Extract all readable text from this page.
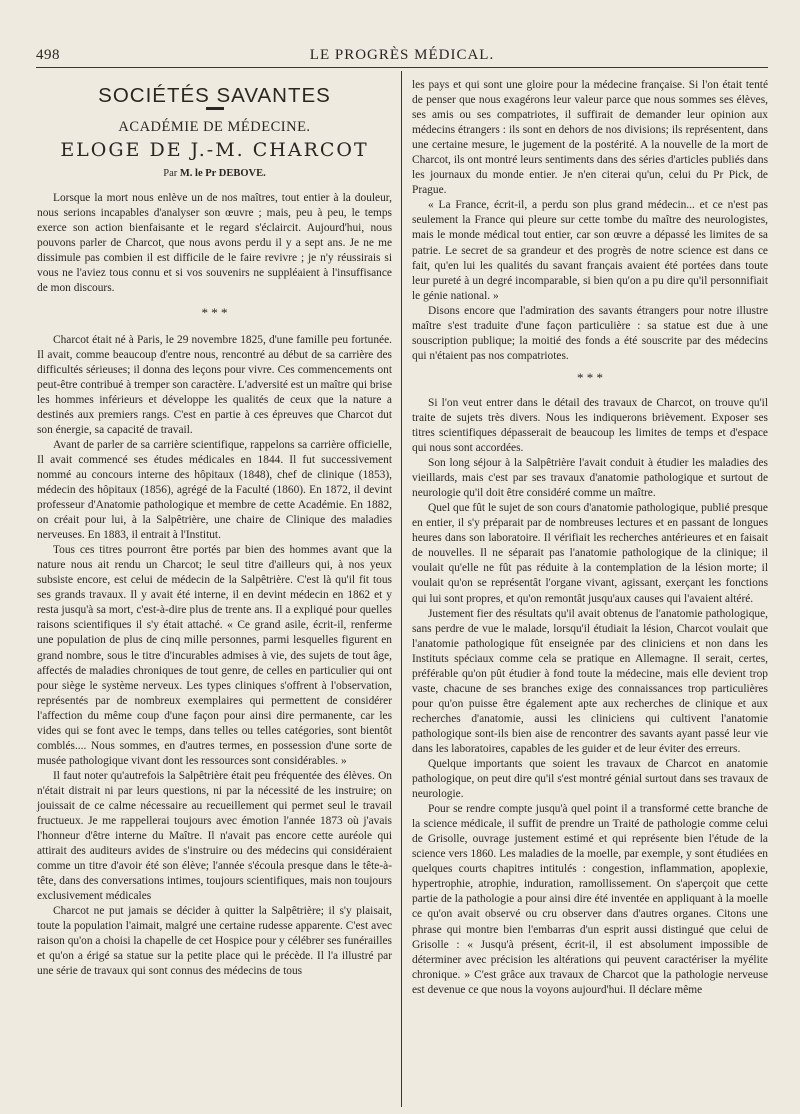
498	LE PROGRÈS MÉDICAL.
SOCIÉTÉS SAVANTES
ACADÉMIE DE MÉDECINE.
ELOGE DE J.-M. CHARCOT
Par M. le Pr DEBOVE.

Lorsque la mort nous enlève un de nos maîtres, tout entier à la douleur, nous serions incapables d'analyser son œuvre ; mais, peu à peu, le temps exerce son action bienfaisante et le regard s'éclaircit. Aujourd'hui, nous pouvons parler de Charcot, que nous avons perdu il y a sept ans. Je ne me dissimule pas combien il est difficile de le faire revivre ; je n'y réussirais si vous ne l'aviez tous connu et si vos souvenirs ne suppléaient à l'insuffisance de mon discours.

* * *

Charcot était né à Paris, le 29 novembre 1825, d'une famille peu fortunée. Il avait, comme beaucoup d'entre nous, rencontré au début de sa carrière des difficultés sérieuses; il donna des leçons pour vivre. Ces commencements ont peut-être contribué à tremper son caractère. L'adversité est un maître qui brise les hommes inférieurs et développe les qualités de ceux que la nature a destinés aux premiers rangs. C'est en partie à ces épreuves que Charcot dut son énergie, sa capacité de travail.

Avant de parler de sa carrière scientifique, rappelons sa carrière officielle, Il avait commencé ses études médicales en 1844. Il fut successivement nommé au concours interne des hôpitaux (1848), chef de clinique (1853), médecin des hôpitaux (1856), agrégé de la Faculté (1860). En 1872, il devint professeur d'Anatomie pathologique et membre de cette Académie. En 1882, on créait pour lui, à la Salpêtrière, une chaire de Clinique des maladies nerveuses. En 1883, il entrait à l'Institut.

Tous ces titres pourront être portés par bien des hommes avant que la nature nous ait rendu un Charcot; le seul titre d'ailleurs qui, à nos yeux subsiste encore, est celui de médecin de la Salpêtrière. C'est là qu'il fit tous ses grands travaux. Il y avait été interne, il en devint médecin en 1862 et y resta jusqu'à sa mort, c'est-à-dire plus de trente ans. Il a expliqué pour quelles raisons scientifiques il s'y était attaché. « Ce grand asile, écrit-il, renferme une population de plus de cinq mille personnes, parmi lesquelles figurent en grand nombre, sous le titre d'incurables admises à vie, des sujets de tout âge, affectés de maladies chroniques de tout genre, de celles en particulier qui ont pour siège le système nerveux. Les types cliniques s'offrent à l'observation, représentés par de nombreux exemplaires qui permettent de considérer l'affection du même coup d'une façon pour ainsi dire permanente, car les vides qui se font avec le temps, dans telles ou telles catégories, sont bientôt comblés.... Nous sommes, en d'autres termes, en possession d'une sorte de musée pathologique vivant dont les ressources sont considérables. »

Il faut noter qu'autrefois la Salpêtrière était peu fréquentée des élèves. On n'était distrait ni par leurs questions, ni par la nécessité de les instruire; on jouissait de ce calme nécessaire au recueillement qui permet seul le travail fructueux. Je me rappellerai toujours avec émotion l'année 1873 où j'avais l'honneur d'être interne du Maître. Il n'avait pas encore cette auréole qui attirait des auditeurs avides de s'instruire ou des médecins qui considéraient comme un titre d'avoir été son élève; l'année s'écoula presque dans le tête-à-tête, dans des conversations intimes, toujours scientifiques, mais non toujours exclusivement médicales

Charcot ne put jamais se décider à quitter la Salpêtrière; il s'y plaisait, toute la population l'aimait, malgré une certaine rudesse apparente. C'est avec raison qu'on a choisi la chapelle de cet Hospice pour y célébrer ses funérailles et qu'on a érigé sa statue sur la petite place qui le précède. Il l'a illustré par une série de travaux qui sont connus des médecins de tous

les pays et qui sont une gloire pour la médecine française. Si l'on était tenté de penser que nous exagérons leur valeur parce que nous sommes ses élèves, ses amis ou ses compatriotes, il suffirait de demander leur opinion aux médecins étrangers : ils sont en dehors de nos divisions; ils représentent, dans une certaine mesure, le jugement de la postérité. A la nouvelle de la mort de Charcot, ils ont montré leurs sentiments dans des séries d'articles publiés dans les journaux du monde entier. Je n'en citerai qu'un, celui du Pr Pick, de Prague.

« La France, écrit-il, a perdu son plus grand médecin... et ce n'est pas seulement la France qui pleure sur cette tombe du maître des neurologistes, mais le monde médical tout entier, car son œuvre a dépassé les limites de sa patrie. Le secret de sa grandeur et des progrès de notre science est dans ce fait, qu'en lui les qualités du savant français avaient été portées dans toute leur pureté à un degré incomparable, si bien qu'on a pu dire qu'il personnifiait le génie national. »

Disons encore que l'admiration des savants étrangers pour notre illustre maître s'est traduite d'une façon particulière : sa statue est due à une souscription publique; la moitié des fonds a été souscrite par des médecins qui n'étaient pas nos compatriotes.

* * *

Si l'on veut entrer dans le détail des travaux de Charcot, on trouve qu'il traite de sujets très divers. Nous les indiquerons brièvement. Exposer ses titres scientifiques dépasserait de beaucoup les limites de temps et d'espace qui nous sont accordées.

Son long séjour à la Salpêtrière l'avait conduit à étudier les maladies des vieillards, mais c'est par ses travaux d'anatomie pathologique et surtout de neurologie qu'il doit être considéré comme un maître.

Quel que fût le sujet de son cours d'anatomie pathologique, publié presque en entier, il s'y préparait par de nombreuses lectures et en passant de longues heures dans son laboratoire. Il vérifiait les recherches antérieures et en faisait de nouvelles. Il ne séparait pas l'anatomie pathologique de la clinique; il voulait qu'elle ne fût pas réduite à la contemplation de la lésion morte; il voulait qu'on se représentât l'organe vivant, agissant, exerçant les fonctions qui lui sont propres, et qu'on remontât jusqu'aux causes qui l'avaient altéré.

Justement fier des résultats qu'il avait obtenus de l'anatomie pathologique, sans perdre de vue le malade, lorsqu'il étudiait la lésion, Charcot voulait que l'anatomie pathologique fût enseignée par des cliniciens et non dans les Instituts spéciaux comme cela se pratique en Allemagne. Il serait, certes, préférable qu'on pût étudier à fond toute la médecine, mais elle devient trop vaste, chacune de ses branches exige des connaissances trop particulières pour qu'on puisse être également apte aux recherches de clinique et aux recherches d'anatomie, aussi les cliniciens qui cultivent l'anatomie pathologique sont-ils bien aise de rencontrer des savants ayant passé leur vie dans les laboratoires, capables de les guider et de leur éviter des erreurs.

Quelque importants que soient les travaux de Charcot en anatomie pathologique, on peut dire qu'il s'est montré génial surtout dans ses travaux de neurologie.

Pour se rendre compte jusqu'à quel point il a transformé cette branche de la science médicale, il suffit de prendre un Traité de pathologie comme celui de Grisolle, ouvrage justement estimé et qui représente bien l'étude de la science vers 1860. Les maladies de la moelle, par exemple, y sont étudiées en quelques courts chapitres intitulés : congestion, inflammation, apoplexie, hypertrophie, atrophie, induration, ramollissement. On s'aperçoit que cette partie de la pathologie a pour ainsi dire été inventée en appliquant à la moelle ce qu'on avait observé ou cru observer dans d'autres organes. Citons une phrase qui montre bien l'embarras d'un esprit aussi distingué que celui de Grisolle : « Jusqu'à présent, écrit-il, il est absolument impossible de déterminer avec précision les altérations qui peuvent caractériser la myélite chronique. » C'est grâce aux travaux de Charcot que la pathologie nerveuse est devenue ce que nous la voyons aujourd'hui. Il déclare même
